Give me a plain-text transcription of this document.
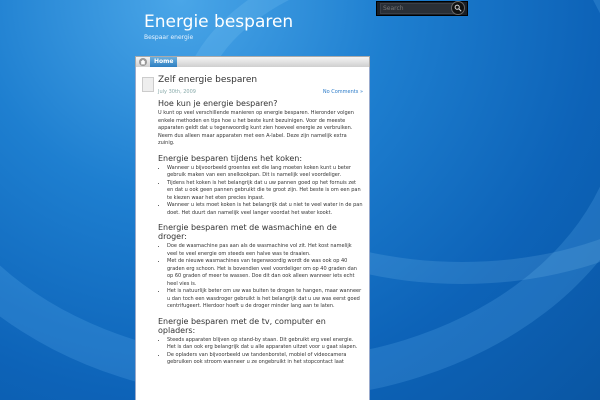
Energie besparen
Bespaar energie
Search
Home
Zelf energie besparen
July 30th, 2009	No Comments »
Hoe kun je energie besparen?

U kunt op veel verschillende manieren op energie besparen. Hieronder volgen enkele methoden en tips hoe u het beste kunt bezuinigen. Voor de meeste apparaten geldt dat u tegenwoordig kunt zien hoeveel energie ze verbruiken. Neem dus alleen maar apparaten met een A-label. Deze zijn namelijk extra zuinig.

Energie besparen tijdens het koken:
• Wanneer u bijvoorbeeld groentes eet die lang moeten koken kunt u beter gebruik maken van een snelkookpan. Dit is namelijk veel voordeliger.
• Tijdens het koken is het belangrijk dat u uw pannen goed op het fornuis zet en dat u ook geen pannen gebruikt die te groot zijn. Het beste is om een pan te kiezen waar het eten precies inpast.
• Wanneer u iets moet koken is het belangrijk dat u niet te veel water in de pan doet. Het duurt dan namelijk veel langer voordat het water kookt.
Energie besparen met de wasmachine en de droger:
• Doe de wasmachine pas aan als de wasmachine vol zit. Het kost namelijk veel te veel energie om steeds een halve was te draaien.
• Met de nieuwe wasmachines van tegenwoordig wordt de was ook op 40 graden erg schoon. Het is bovendien veel voordeliger om op 40 graden dan op 60 graden of meer te wassen. Doe dit dan ook alleen wanneer iets echt heel vies is.
• Het is natuurlijk beter om uw was buiten te drogen te hangen, maar wanneer u dan toch een wasdroger gebruikt is het belangrijk dat u uw was eerst goed centrifugeert. Hierdoor hoeft u de droger minder lang aan te laten.
Energie besparen met de tv, computer en opladers:
• Steeds apparaten blijven op stand-by staan. Dit gebruikt erg veel energie. Het is dan ook erg belangrijk dat u alle apparaten uitzet voor u gaat slapen.
• De opladers van bijvoorbeeld uw tandenborstel, mobiel of videocamera gebruiken ook stroom wanneer u ze ongebruikt in het stopcontact laat
